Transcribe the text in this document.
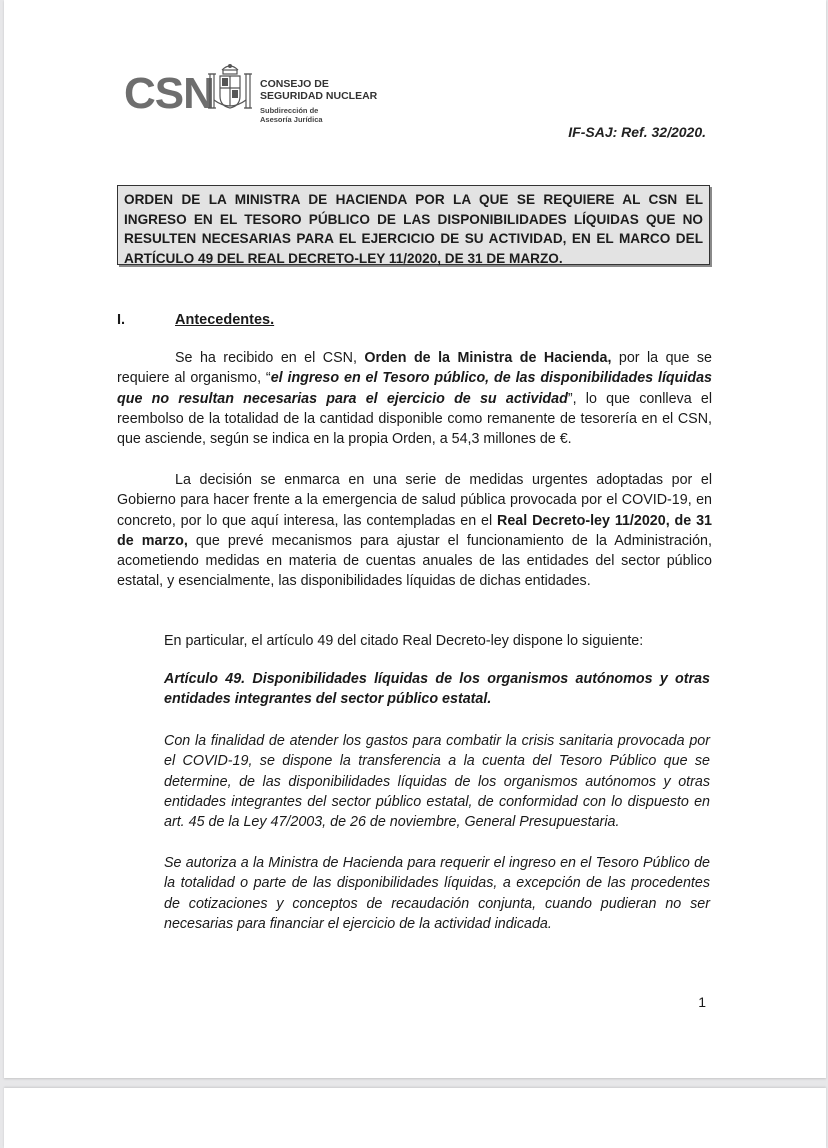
CSN	CONSEJO DE
SEGURIDAD NUCLEAR
Subdirección de
Asesoría Jurídica
IF-SAJ: Ref. 32/2020.
ORDEN DE LA MINISTRA DE HACIENDA POR LA QUE SE REQUIERE AL CSN EL INGRESO EN EL TESORO PÚBLICO DE LAS DISPONIBILIDADES LÍQUIDAS QUE NO RESULTEN NECESARIAS PARA EL EJERCICIO DE SU ACTIVIDAD, EN EL MARCO DEL ARTÍCULO 49 DEL REAL DECRETO-LEY 11/2020, DE 31 DE MARZO.
I.	Antecedentes.

Se ha recibido en el CSN, Orden de la Ministra de Hacienda, por la que se requiere al organismo, “el ingreso en el Tesoro público, de las disponibilidades líquidas que no resultan necesarias para el ejercicio de su actividad”, lo que conlleva el reembolso de la totalidad de la cantidad disponible como remanente de tesorería en el CSN, que asciende, según se indica en la propia Orden, a 54,3 millones de €.

La decisión se enmarca en una serie de medidas urgentes adoptadas por el Gobierno para hacer frente a la emergencia de salud pública provocada por el COVID-19, en concreto, por lo que aquí interesa, las contempladas en el Real Decreto-ley 11/2020, de 31 de marzo, que prevé mecanismos para ajustar el funcionamiento de la Administración, acometiendo medidas en materia de cuentas anuales de las entidades del sector público estatal, y esencialmente, las disponibilidades líquidas de dichas entidades.

En particular, el artículo 49 del citado Real Decreto-ley dispone lo siguiente:

Artículo 49. Disponibilidades líquidas de los organismos autónomos y otras entidades integrantes del sector público estatal.

Con la finalidad de atender los gastos para combatir la crisis sanitaria provocada por el COVID-19, se dispone la transferencia a la cuenta del Tesoro Público que se determine, de las disponibilidades líquidas de los organismos autónomos y otras entidades integrantes del sector público estatal, de conformidad con lo dispuesto en art. 45 de la Ley 47/2003, de 26 de noviembre, General Presupuestaria.

Se autoriza a la Ministra de Hacienda para requerir el ingreso en el Tesoro Público de la totalidad o parte de las disponibilidades líquidas, a excepción de las procedentes de cotizaciones y conceptos de recaudación conjunta, cuando pudieran no ser necesarias para financiar el ejercicio de la actividad indicada.

1
